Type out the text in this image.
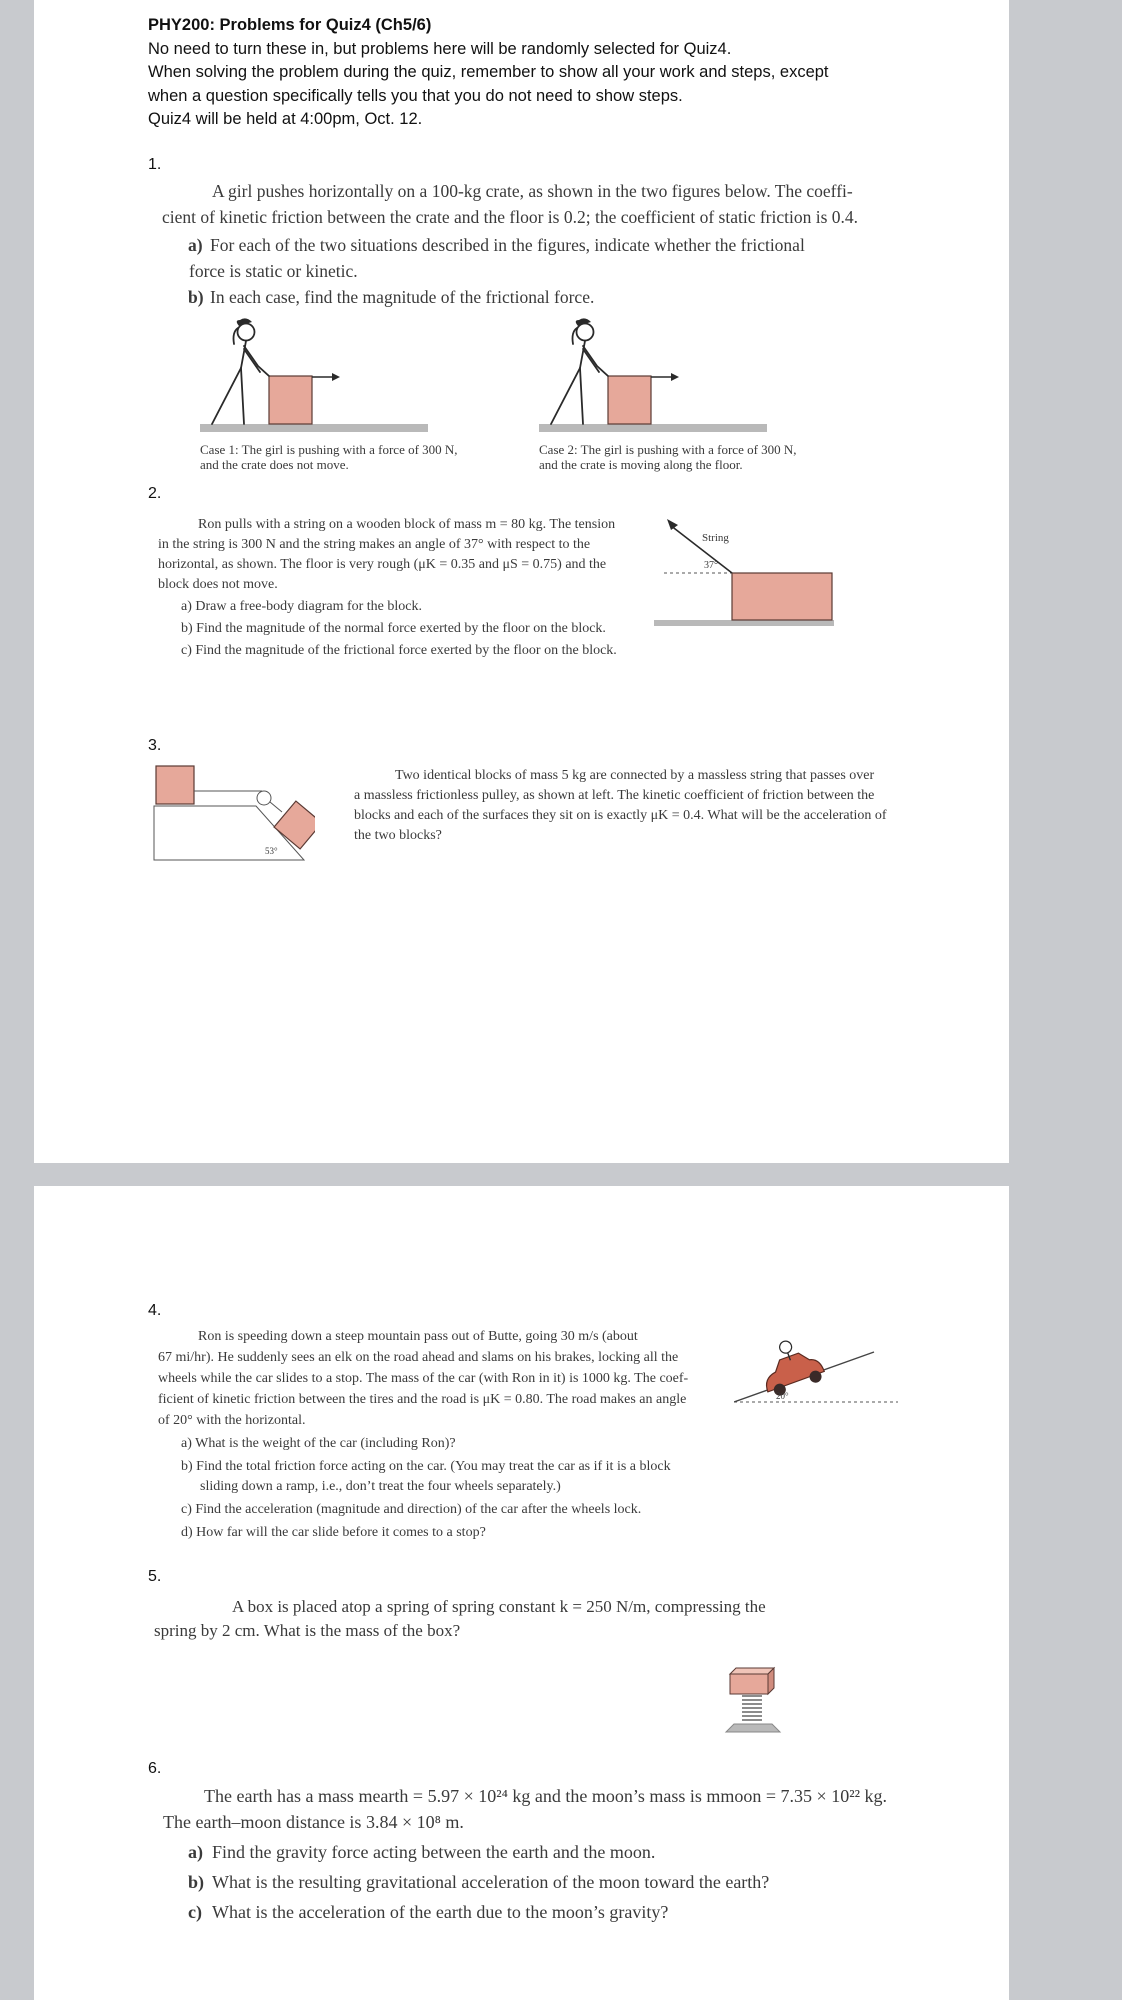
PHY200: Problems for Quiz4 (Ch5/6)
No need to turn these in, but problems here will be randomly selected for Quiz4.
When solving the problem during the quiz, remember to show all your work and steps, except
when a question specifically tells you that you do not need to show steps.
Quiz4 will be held at 4:00pm, Oct. 12.
1.
A girl pushes horizontally on a 100-kg crate, as shown in the two figures below. The coeffi-
cient of kinetic friction between the crate and the floor is 0.2; the coefficient of static friction is 0.4.
a) For each of the two situations described in the figures, indicate whether the frictional
force is static or kinetic.
b) In each case, find the magnitude of the frictional force.
Case 1: The girl is pushing with a force of 300 N,
and the crate does not move.
Case 2: The girl is pushing with a force of 300 N,
and the crate is moving along the floor.
2.
Ron pulls with a string on a wooden block of mass m = 80 kg. The tension
in the string is 300 N and the string makes an angle of 37° with respect to the
horizontal, as shown. The floor is very rough (μK = 0.35 and μS = 0.75) and the
block does not move.
a) Draw a free-body diagram for the block.
b) Find the magnitude of the normal force exerted by the floor on the block.
c) Find the magnitude of the frictional force exerted by the floor on the block.
String
37°
3.
53°
Two identical blocks of mass 5 kg are connected by a massless string that passes over
a massless frictionless pulley, as shown at left. The kinetic coefficient of friction between the
blocks and each of the surfaces they sit on is exactly μK = 0.4. What will be the acceleration of
the two blocks?
4.
Ron is speeding down a steep mountain pass out of Butte, going 30 m/s (about
67 mi/hr). He suddenly sees an elk on the road ahead and slams on his brakes, locking all the
wheels while the car slides to a stop. The mass of the car (with Ron in it) is 1000 kg. The coef-
ficient of kinetic friction between the tires and the road is μK = 0.80. The road makes an angle
of 20° with the horizontal.
a) What is the weight of the car (including Ron)?
b) Find the total friction force acting on the car. (You may treat the car as if it is a block
sliding down a ramp, i.e., don’t treat the four wheels separately.)
c) Find the acceleration (magnitude and direction) of the car after the wheels lock.
d) How far will the car slide before it comes to a stop?
20°
5.
A box is placed atop a spring of spring constant k = 250 N/m, compressing the
spring by 2 cm. What is the mass of the box?
6.
The earth has a mass mearth = 5.97 × 10²⁴ kg and the moon’s mass is mmoon = 7.35 × 10²² kg.
The earth–moon distance is 3.84 × 10⁸ m.
a) Find the gravity force acting between the earth and the moon.
b) What is the resulting gravitational acceleration of the moon toward the earth?
c) What is the acceleration of the earth due to the moon’s gravity?
